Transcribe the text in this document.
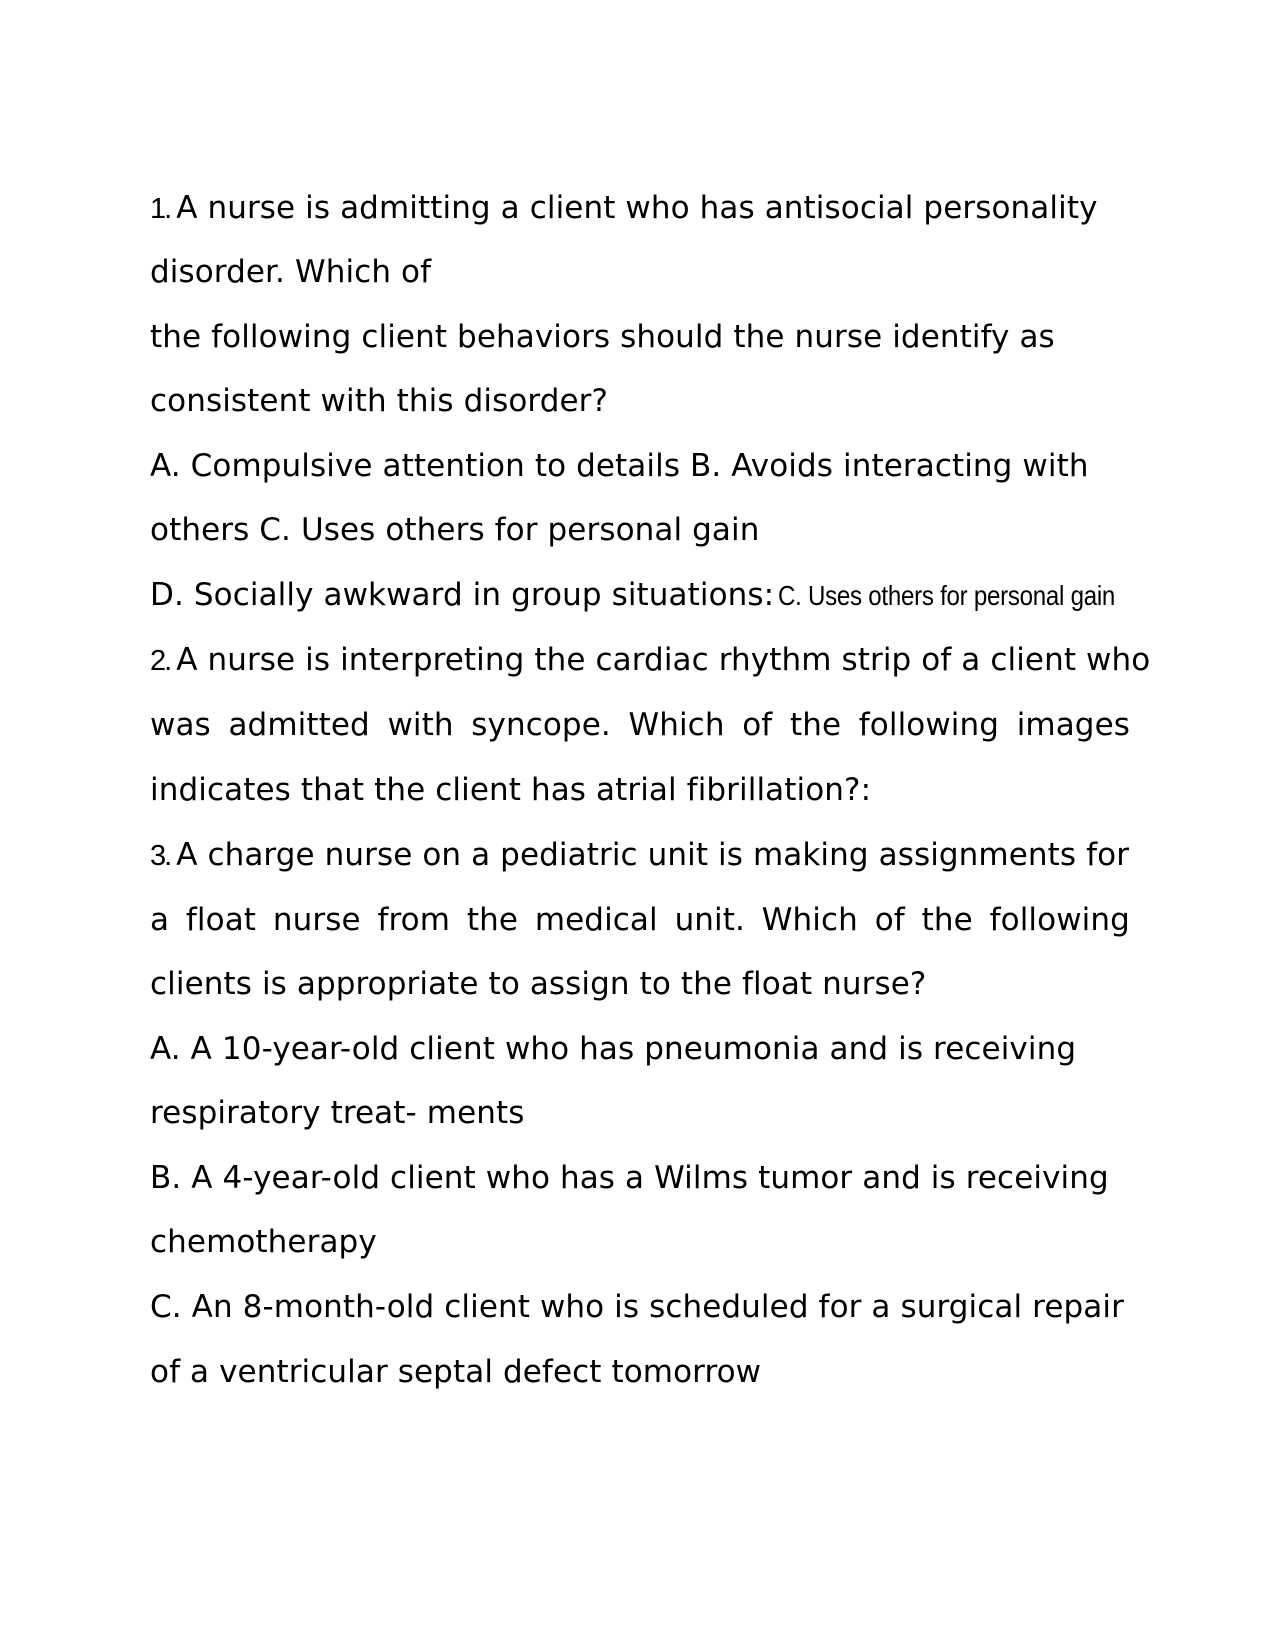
1. A nurse is admitting a client who has antisocial personality
disorder. Which of
the following client behaviors should the nurse identify as
consistent with this disorder?
A. Compulsive attention to details B. Avoids interacting with
others C. Uses others for personal gain
D. Socially awkward in group situations: C. Uses others for personal gain
2. A nurse is interpreting the cardiac rhythm strip of a client who
was admitted with syncope. Which of the following images
indicates that the client has atrial fibrillation?:
3. A charge nurse on a pediatric unit is making assignments for
a float nurse from the medical unit. Which of the following
clients is appropriate to assign to the float nurse?
A. A 10-year-old client who has pneumonia and is receiving
respiratory treat- ments
B. A 4-year-old client who has a Wilms tumor and is receiving
chemotherapy
C. An 8-month-old client who is scheduled for a surgical repair
of a ventricular septal defect tomorrow
